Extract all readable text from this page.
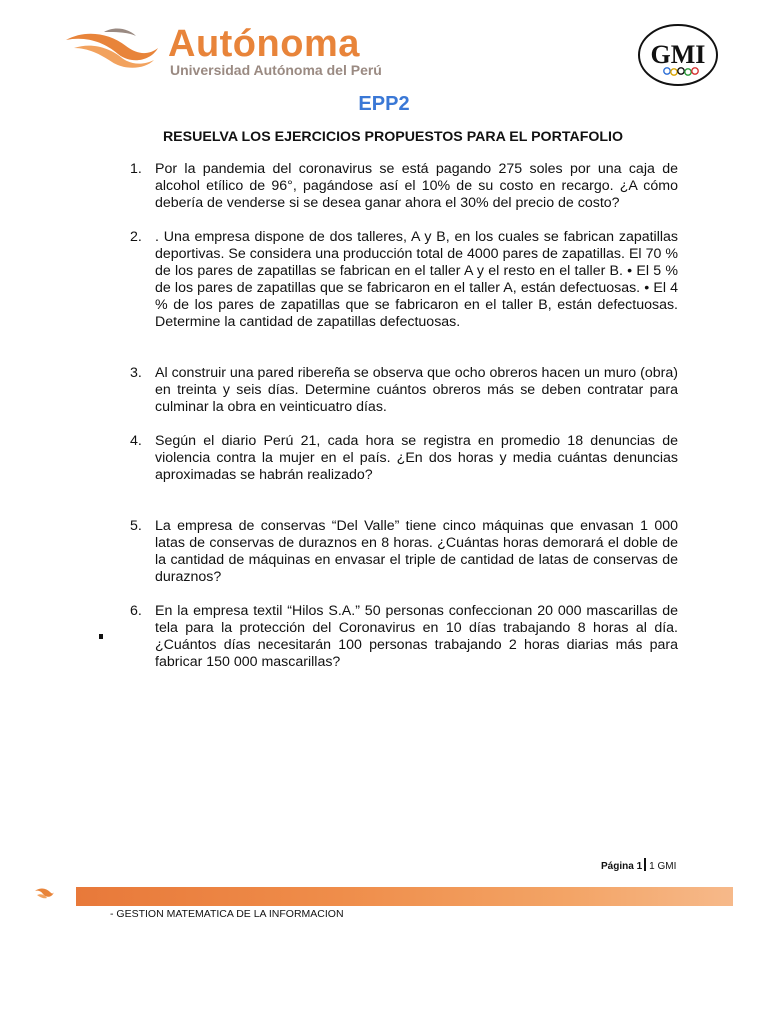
Autónoma
Universidad Autónoma del Perú
GMI
EPP2
RESUELVA LOS EJERCICIOS PROPUESTOS PARA EL PORTAFOLIO
1. Por la pandemia del coronavirus se está pagando 275 soles por una caja de alcohol etílico de 96°, pagándose así el 10% de su costo en recargo. ¿A cómo debería de venderse si se desea ganar ahora el 30% del precio de costo?
2. . Una empresa dispone de dos talleres, A y B, en los cuales se fabrican zapatillas deportivas. Se considera una producción total de 4000 pares de zapatillas. El 70 % de los pares de zapatillas se fabrican en el taller A y el resto en el taller B. • El 5 % de los pares de zapatillas que se fabricaron en el taller A, están defectuosas. • El 4 % de los pares de zapatillas que se fabricaron en el taller B, están defectuosas. Determine la cantidad de zapatillas defectuosas.
3. Al construir una pared ribereña se observa que ocho obreros hacen un muro (obra) en treinta y seis días. Determine cuántos obreros más se deben contratar para culminar la obra en veinticuatro días.
4. Según el diario Perú 21, cada hora se registra en promedio 18 denuncias de violencia contra la mujer en el país. ¿En dos horas y media cuántas denuncias aproximadas se habrán realizado?
5. La empresa de conservas “Del Valle” tiene cinco máquinas que envasan 1 000 latas de conservas de duraznos en 8 horas. ¿Cuántas horas demorará el doble de la cantidad de máquinas en envasar el triple de cantidad de latas de conservas de duraznos?
6. En la empresa textil “Hilos S.A.” 50 personas confeccionan 20 000 mascarillas de tela para la protección del Coronavirus en 10 días trabajando 8 horas al día. ¿Cuántos días necesitarán 100 personas trabajando 2 horas diarias más para fabricar 150 000 mascarillas?
Página 1 1 GMI
- GESTION MATEMATICA DE LA INFORMACION
